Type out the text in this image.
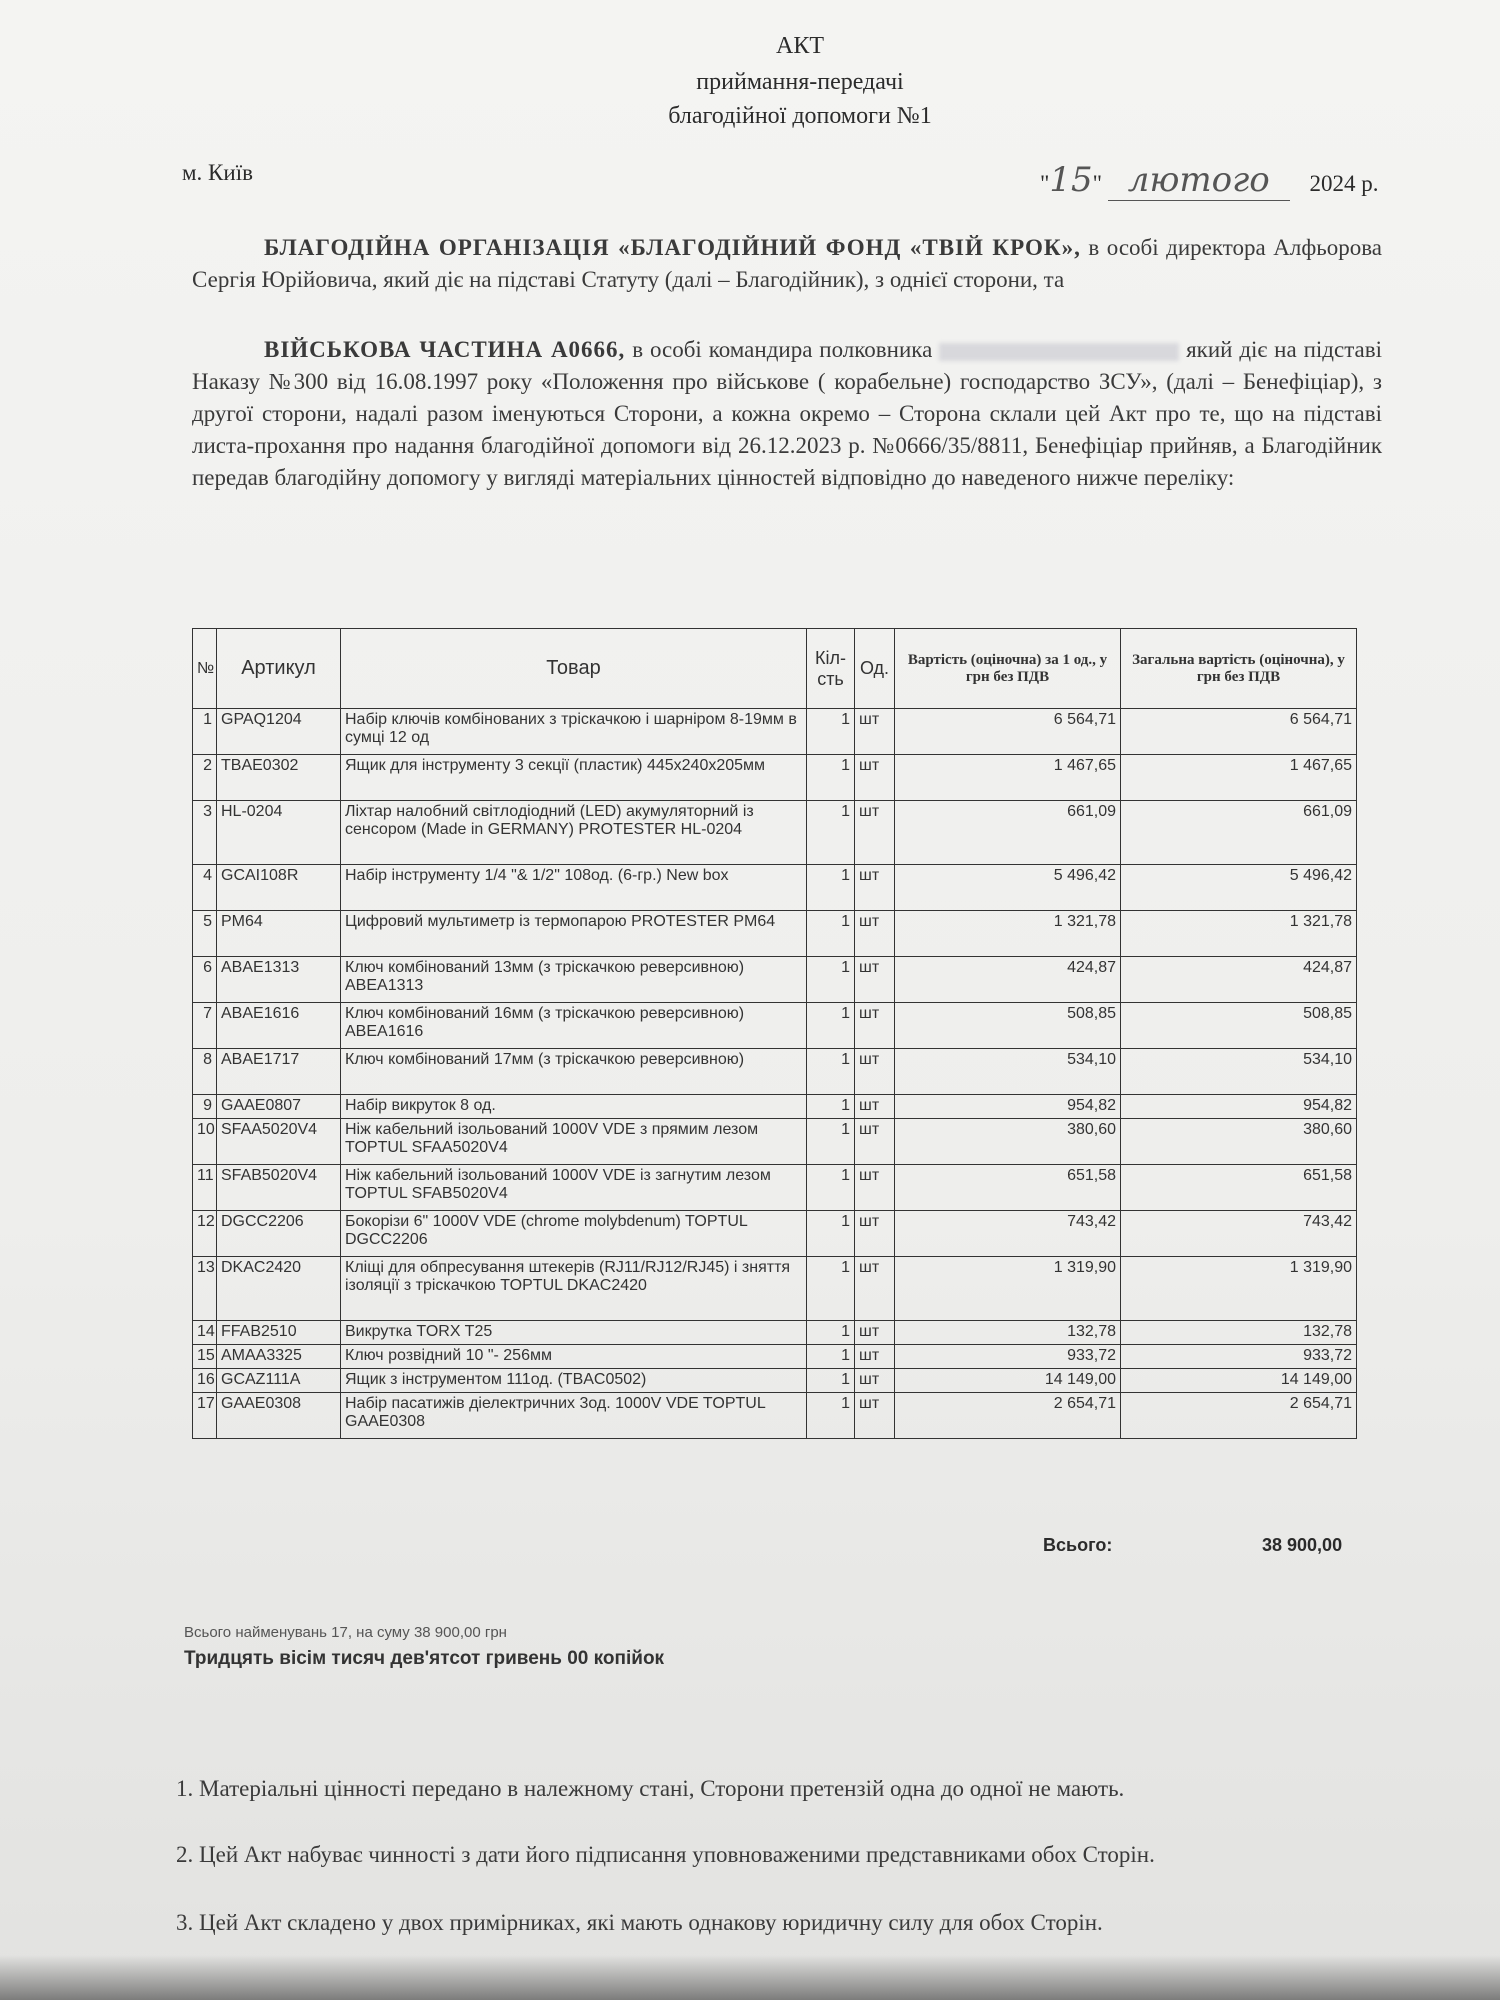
АКТ
приймання-передачі
благодійної допомоги №1
м. Київ	"15" лютого 2024 р.
БЛАГОДІЙНА ОРГАНІЗАЦІЯ «БЛАГОДІЙНИЙ ФОНД «ТВІЙ КРОК», в особі директора Алфьорова Сергія Юрійовича, який діє на підставі Статуту (далі – Благодійник), з однієї сторони, та
ВІЙСЬКОВА ЧАСТИНА А0666, в особі командира полковника	який діє на підставі Наказу №300 від 16.08.1997 року «Положення про військове ( корабельне) господарство ЗСУ», (далі – Бенефіціар), з другої сторони, надалі разом іменуються Сторони, а кожна окремо – Сторона склали цей Акт про те, що на підставі листа-прохання про надання благодійної допомоги від 26.12.2023 р. №0666/35/8811, Бенефіціар прийняв, а Благодійник передав благодійну допомогу у вигляді матеріальних цінностей відповідно до наведеного нижче переліку:
№	Артикул	Товар	Кіл-сть	Од.	Вартість (оціночна) за 1 од., у грн без ПДВ	Загальна вартість (оціночна), у грн без ПДВ
1	GPAQ1204	Набір ключів комбінованих з тріскачкою і шарніром 8-19мм в сумці 12 од	1	шт	6 564,71	6 564,71
2	TBAE0302	Ящик для інструменту 3 секції (пластик) 445x240x205мм	1	шт	1 467,65	1 467,65
3	HL-0204	Ліхтар налобний світлодіодний (LED) акумуляторний із сенсором (Made in GERMANY) PROTESTER HL-0204	1	шт	661,09	661,09
4	GCAI108R	Набір інструменту 1/4 "& 1/2" 108од. (6-гр.) New box	1	шт	5 496,42	5 496,42
5	PM64	Цифровий мультиметр із термопарою PROTESTER PM64	1	шт	1 321,78	1 321,78
6	ABAE1313	Ключ комбінований 13мм (з тріскачкою реверсивною) ABEA1313	1	шт	424,87	424,87
7	ABAE1616	Ключ комбінований 16мм (з тріскачкою реверсивною) ABEA1616	1	шт	508,85	508,85
8	ABAE1717	Ключ комбінований 17мм (з тріскачкою реверсивною)	1	шт	534,10	534,10
9	GAAE0807	Набір викруток 8 од.	1	шт	954,82	954,82
10	SFAA5020V4	Ніж кабельний ізольований 1000V VDE з прямим лезом TOPTUL SFAA5020V4	1	шт	380,60	380,60
11	SFAB5020V4	Ніж кабельний ізольований 1000V VDE із загнутим лезом TOPTUL SFAB5020V4	1	шт	651,58	651,58
12	DGCC2206	Бокорізи 6" 1000V VDE (chrome molybdenum) TOPTUL DGCC2206	1	шт	743,42	743,42
13	DKAC2420	Кліщі для обпресування штекерів (RJ11/RJ12/RJ45) і зняття ізоляції з тріскачкою TOPTUL DKAC2420	1	шт	1 319,90	1 319,90
14	FFAB2510	Викрутка TORX T25	1	шт	132,78	132,78
15	AMAA3325	Ключ розвідний 10 "- 256мм	1	шт	933,72	933,72
16	GCAZ111A	Ящик з інструментом 111од. (TBAC0502)	1	шт	14 149,00	14 149,00
17	GAAE0308	Набір пасатижів діелектричних 3од. 1000V VDE TOPTUL GAAE0308	1	шт	2 654,71	2 654,71
Всього:	38 900,00
Всього найменувань 17, на суму 38 900,00 грн
Тридцять вісім тисяч дев'ятсот гривень 00 копійок
1. Матеріальні цінності передано в належному стані, Сторони претензій одна до одної не мають.
2. Цей Акт набуває чинності з дати його підписання уповноваженими представниками обох Сторін.
3. Цей Акт складено у двох примірниках, які мають однакову юридичну силу для обох Сторін.
